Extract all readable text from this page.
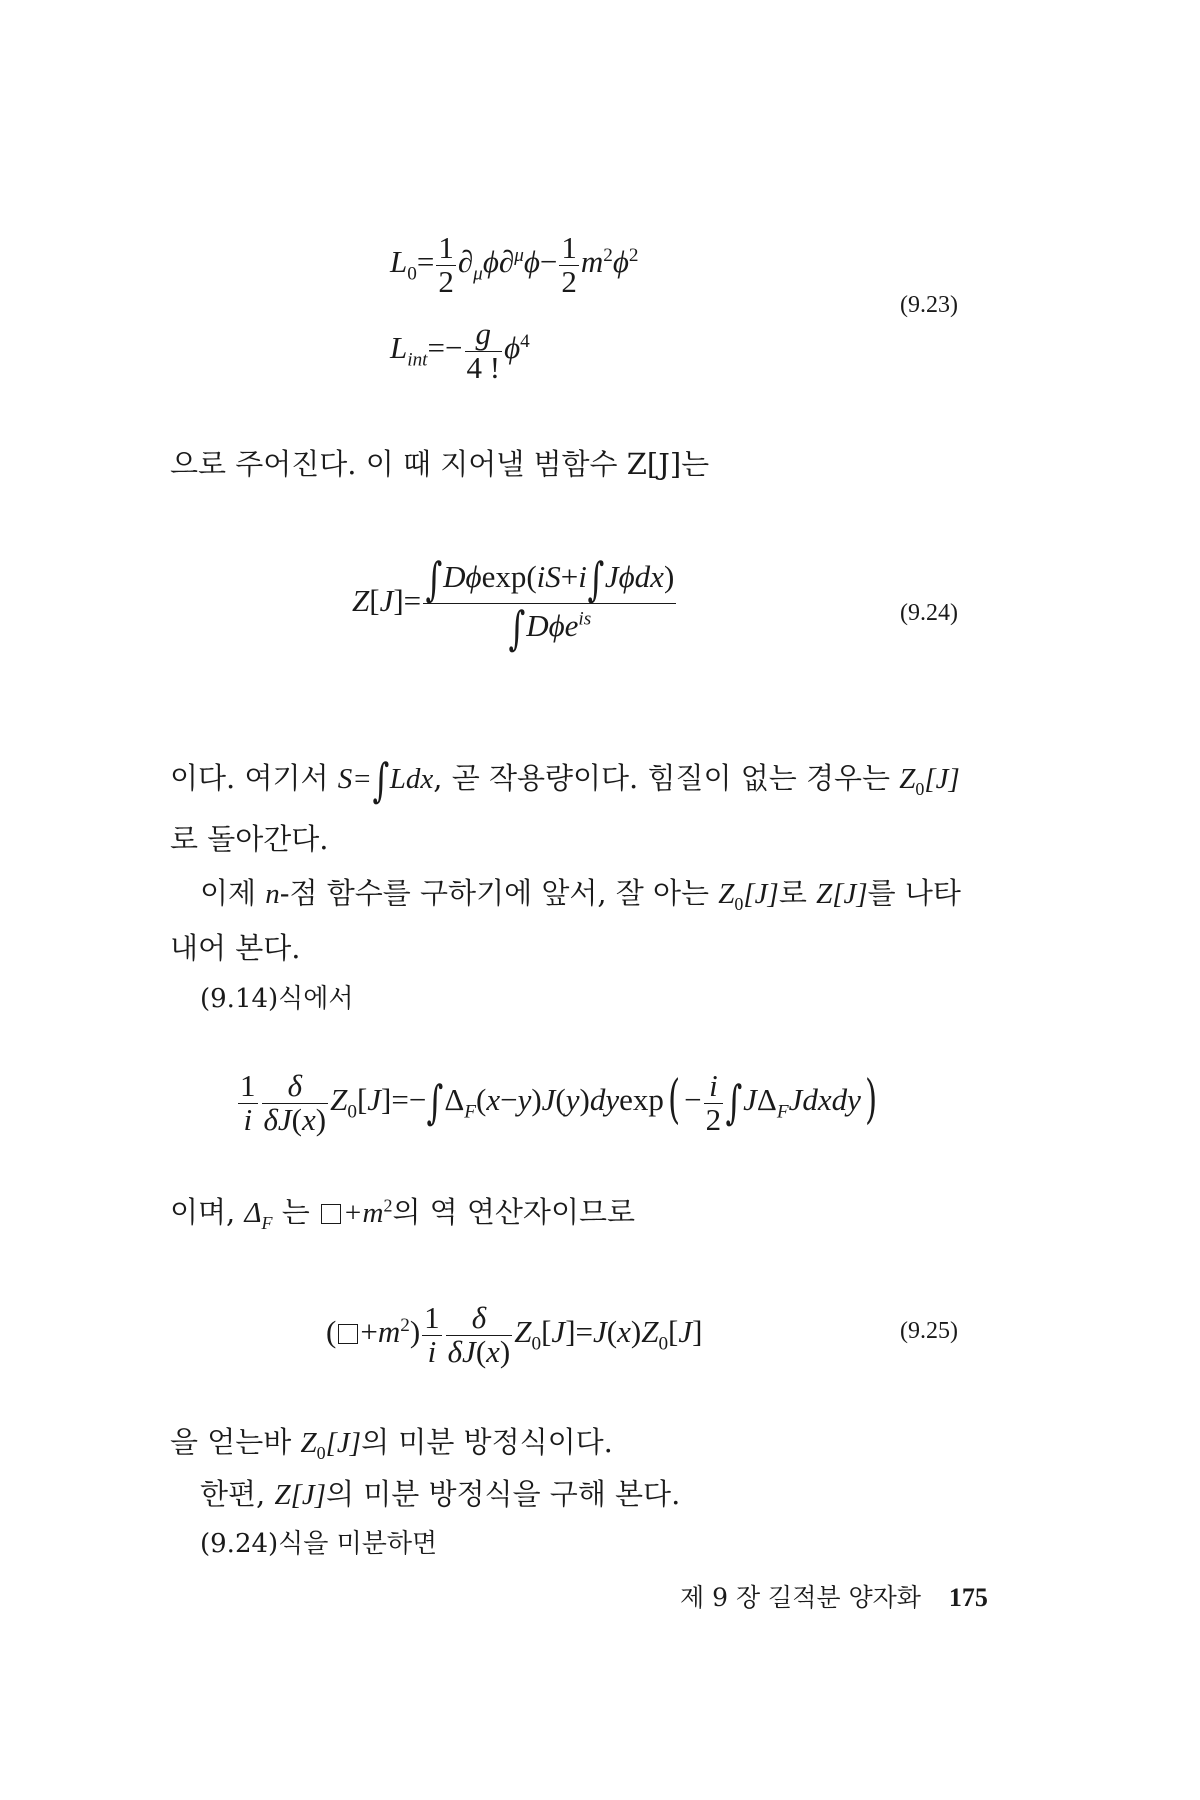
$L_0= \frac{1}{2} \partial_\mu\phi\partial^\mu\phi- \frac{1}{2} m^2\phi^2$
$L_{int}=- \frac{g}{4 !} \phi^4$
(9.23)
으로 주어진다. 이 때 지어낼 범함수 Z[J]는
$Z[J]= \frac{\text{∫Dϕexp(iS+i∫Jϕdx)}}{\int D\phi e^{is}}$	(9.24)
이다. 여기서 S=∫Ldx, 곧 작용량이다. 힘질이 없는 경우는 $Z_0[J]$
로 돌아간다.
이제 n-점 함수를 구하기에 앞서, 잘 아는 $Z_0[J]$로 Z[J]를 나타
내어 본다.
(9.14)식에서
$\frac{1}{i} \frac{\delta}{\delta J(x)} Z_0[J]=-\int\Delta_F(x-y)J(y)dyexp( - \frac{i}{2}$ $\int J\Delta_FJdxdy$)
이며, $\Delta_F$ 는 $+m^2$의 역 연산자이므로
( $+m^2) \frac{1}{i} \frac{\delta}{\delta J(x)} Z_0[J]=J(x)Z_0[J]$	(9.25)
을 얻는바 $Z_0[J]$의 미분 방정식이다.
한편, Z[J]의 미분 방정식을 구해 본다.
(9.24)식을 미분하면
제 9 장 길적분 양자화 175
